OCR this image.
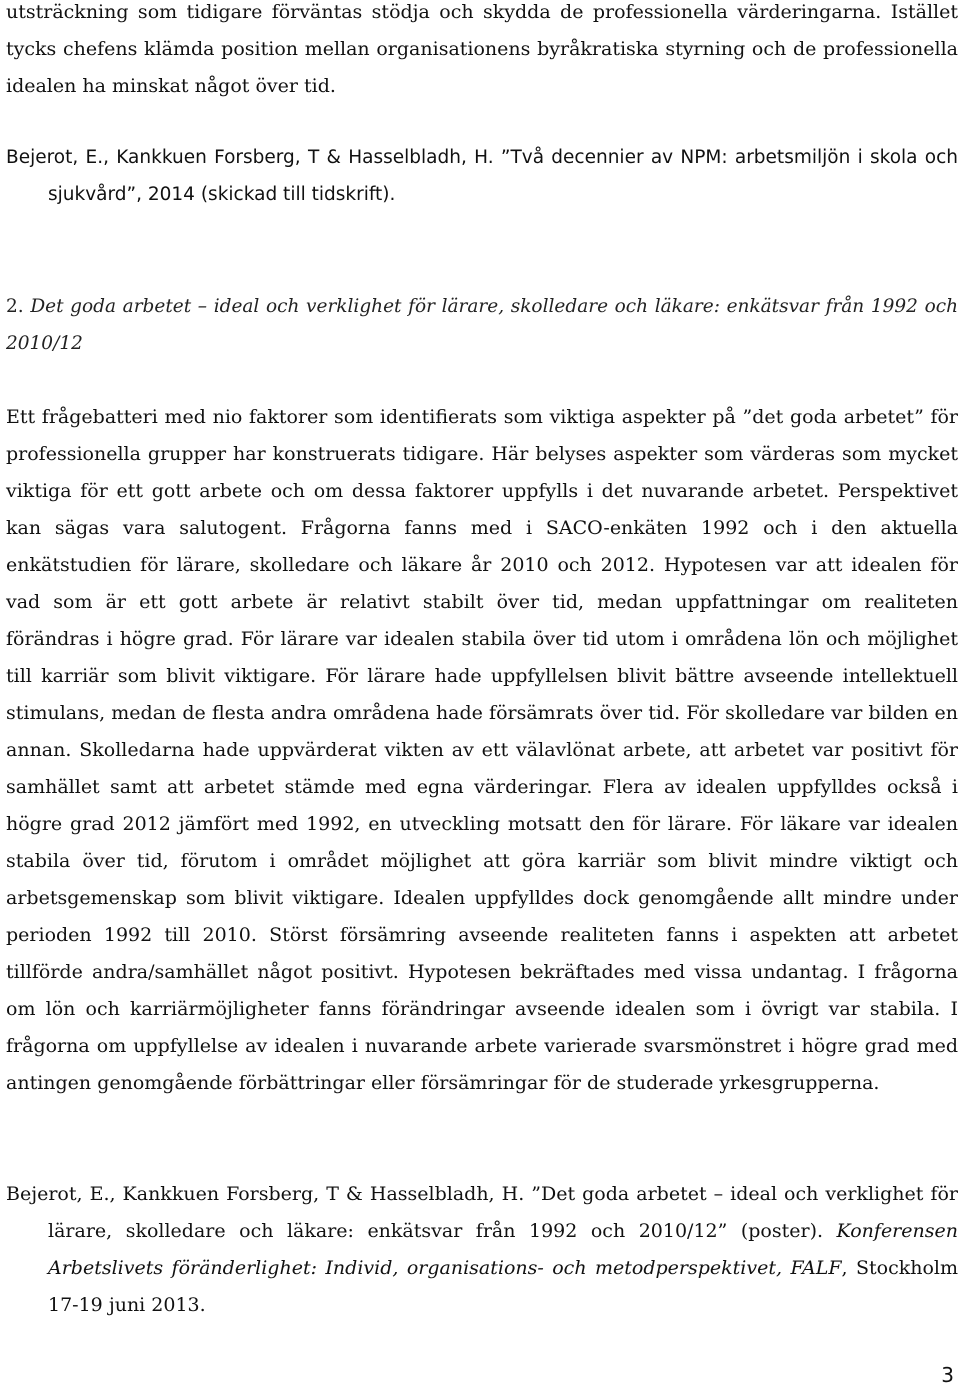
utsträckning som tidigare förväntas stödja och skydda de professionella värderingarna. Istället tycks chefens klämda position mellan organisationens byråkratiska styrning och de professionella idealen ha minskat något över tid.

Bejerot, E., Kankkuen Forsberg, T & Hasselbladh, H. ”Två decennier av NPM: arbetsmiljön i skola och sjukvård”, 2014 (skickad till tidskrift).

2. Det goda arbetet – ideal och verklighet för lärare, skolledare och läkare: enkätsvar från 1992 och 2010/12

Ett frågebatteri med nio faktorer som identifierats som viktiga aspekter på ”det goda arbetet” för professionella grupper har konstruerats tidigare. Här belyses aspekter som värderas som mycket viktiga för ett gott arbete och om dessa faktorer uppfylls i det nuvarande arbetet. Perspektivet kan sägas vara salutogent. Frågorna fanns med i SACO-enkäten 1992 och i den aktuella enkätstudien för lärare, skolledare och läkare år 2010 och 2012. Hypotesen var att idealen för vad som är ett gott arbete är relativt stabilt över tid, medan uppfattningar om realiteten förändras i högre grad. För lärare var idealen stabila över tid utom i områdena lön och möjlighet till karriär som blivit viktigare. För lärare hade uppfyllelsen blivit bättre avseende intellektuell stimulans, medan de flesta andra områdena hade försämrats över tid. För skolledare var bilden en annan. Skolledarna hade uppvärderat vikten av ett välavlönat arbete, att arbetet var positivt för samhället samt att arbetet stämde med egna värderingar. Flera av idealen uppfylldes också i högre grad 2012 jämfört med 1992, en utveckling motsatt den för lärare. För läkare var idealen stabila över tid, förutom i området möjlighet att göra karriär som blivit mindre viktigt och arbetsgemenskap som blivit viktigare. Idealen uppfylldes dock genomgående allt mindre under perioden 1992 till 2010. Störst försämring avseende realiteten fanns i aspekten att arbetet tillförde andra/samhället något positivt. Hypotesen bekräftades med vissa undantag. I frågorna om lön och karriärmöjligheter fanns förändringar avseende idealen som i övrigt var stabila. I frågorna om uppfyllelse av idealen i nuvarande arbete varierade svarsmönstret i högre grad med antingen genomgående förbättringar eller försämringar för de studerade yrkesgrupperna.

Bejerot, E., Kankkuen Forsberg, T & Hasselbladh, H. ”Det goda arbetet – ideal och verklighet för lärare, skolledare och läkare: enkätsvar från 1992 och 2010/12” (poster). Konferensen Arbetslivets föränderlighet: Individ, organisations- och metodperspektivet, FALF, Stockholm 17-19 juni 2013.

3
